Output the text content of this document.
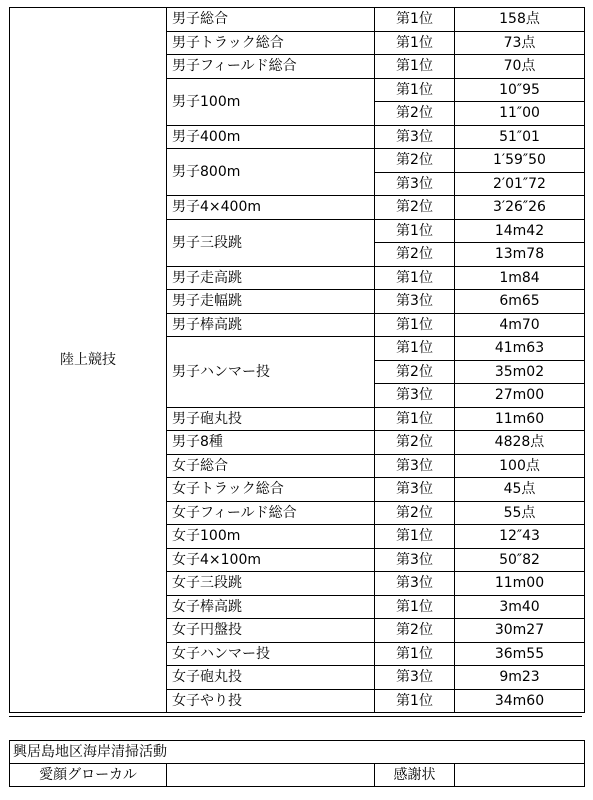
陸上競技	男子総合	第1位	158点
	男子トラック総合	第1位	73点
	男子フィールド総合	第1位	70点
	男子100m	第1位	10″95
		第2位	11″00
	男子400m	第3位	51″01
	男子800m	第2位	1′59″50
		第3位	2′01″72
	男子4×400m	第2位	3′26″26
	男子三段跳	第1位	14m42
		第2位	13m78
	男子走高跳	第1位	1m84
	男子走幅跳	第3位	6m65
	男子棒高跳	第1位	4m70
	男子ハンマー投	第1位	41m63
		第2位	35m02
		第3位	27m00
	男子砲丸投	第1位	11m60
	男子8種	第2位	4828点
	女子総合	第3位	100点
	女子トラック総合	第3位	45点
	女子フィールド総合	第2位	55点
	女子100m	第1位	12″43
	女子4×100m	第3位	50″82
	女子三段跳	第3位	11m00
	女子棒高跳	第1位	3m40
	女子円盤投	第2位	30m27
	女子ハンマー投	第1位	36m55
	女子砲丸投	第3位	9m23
	女子やり投	第1位	34m60
興居島地区海岸清掃活動
愛顔グローカル		感謝状	
